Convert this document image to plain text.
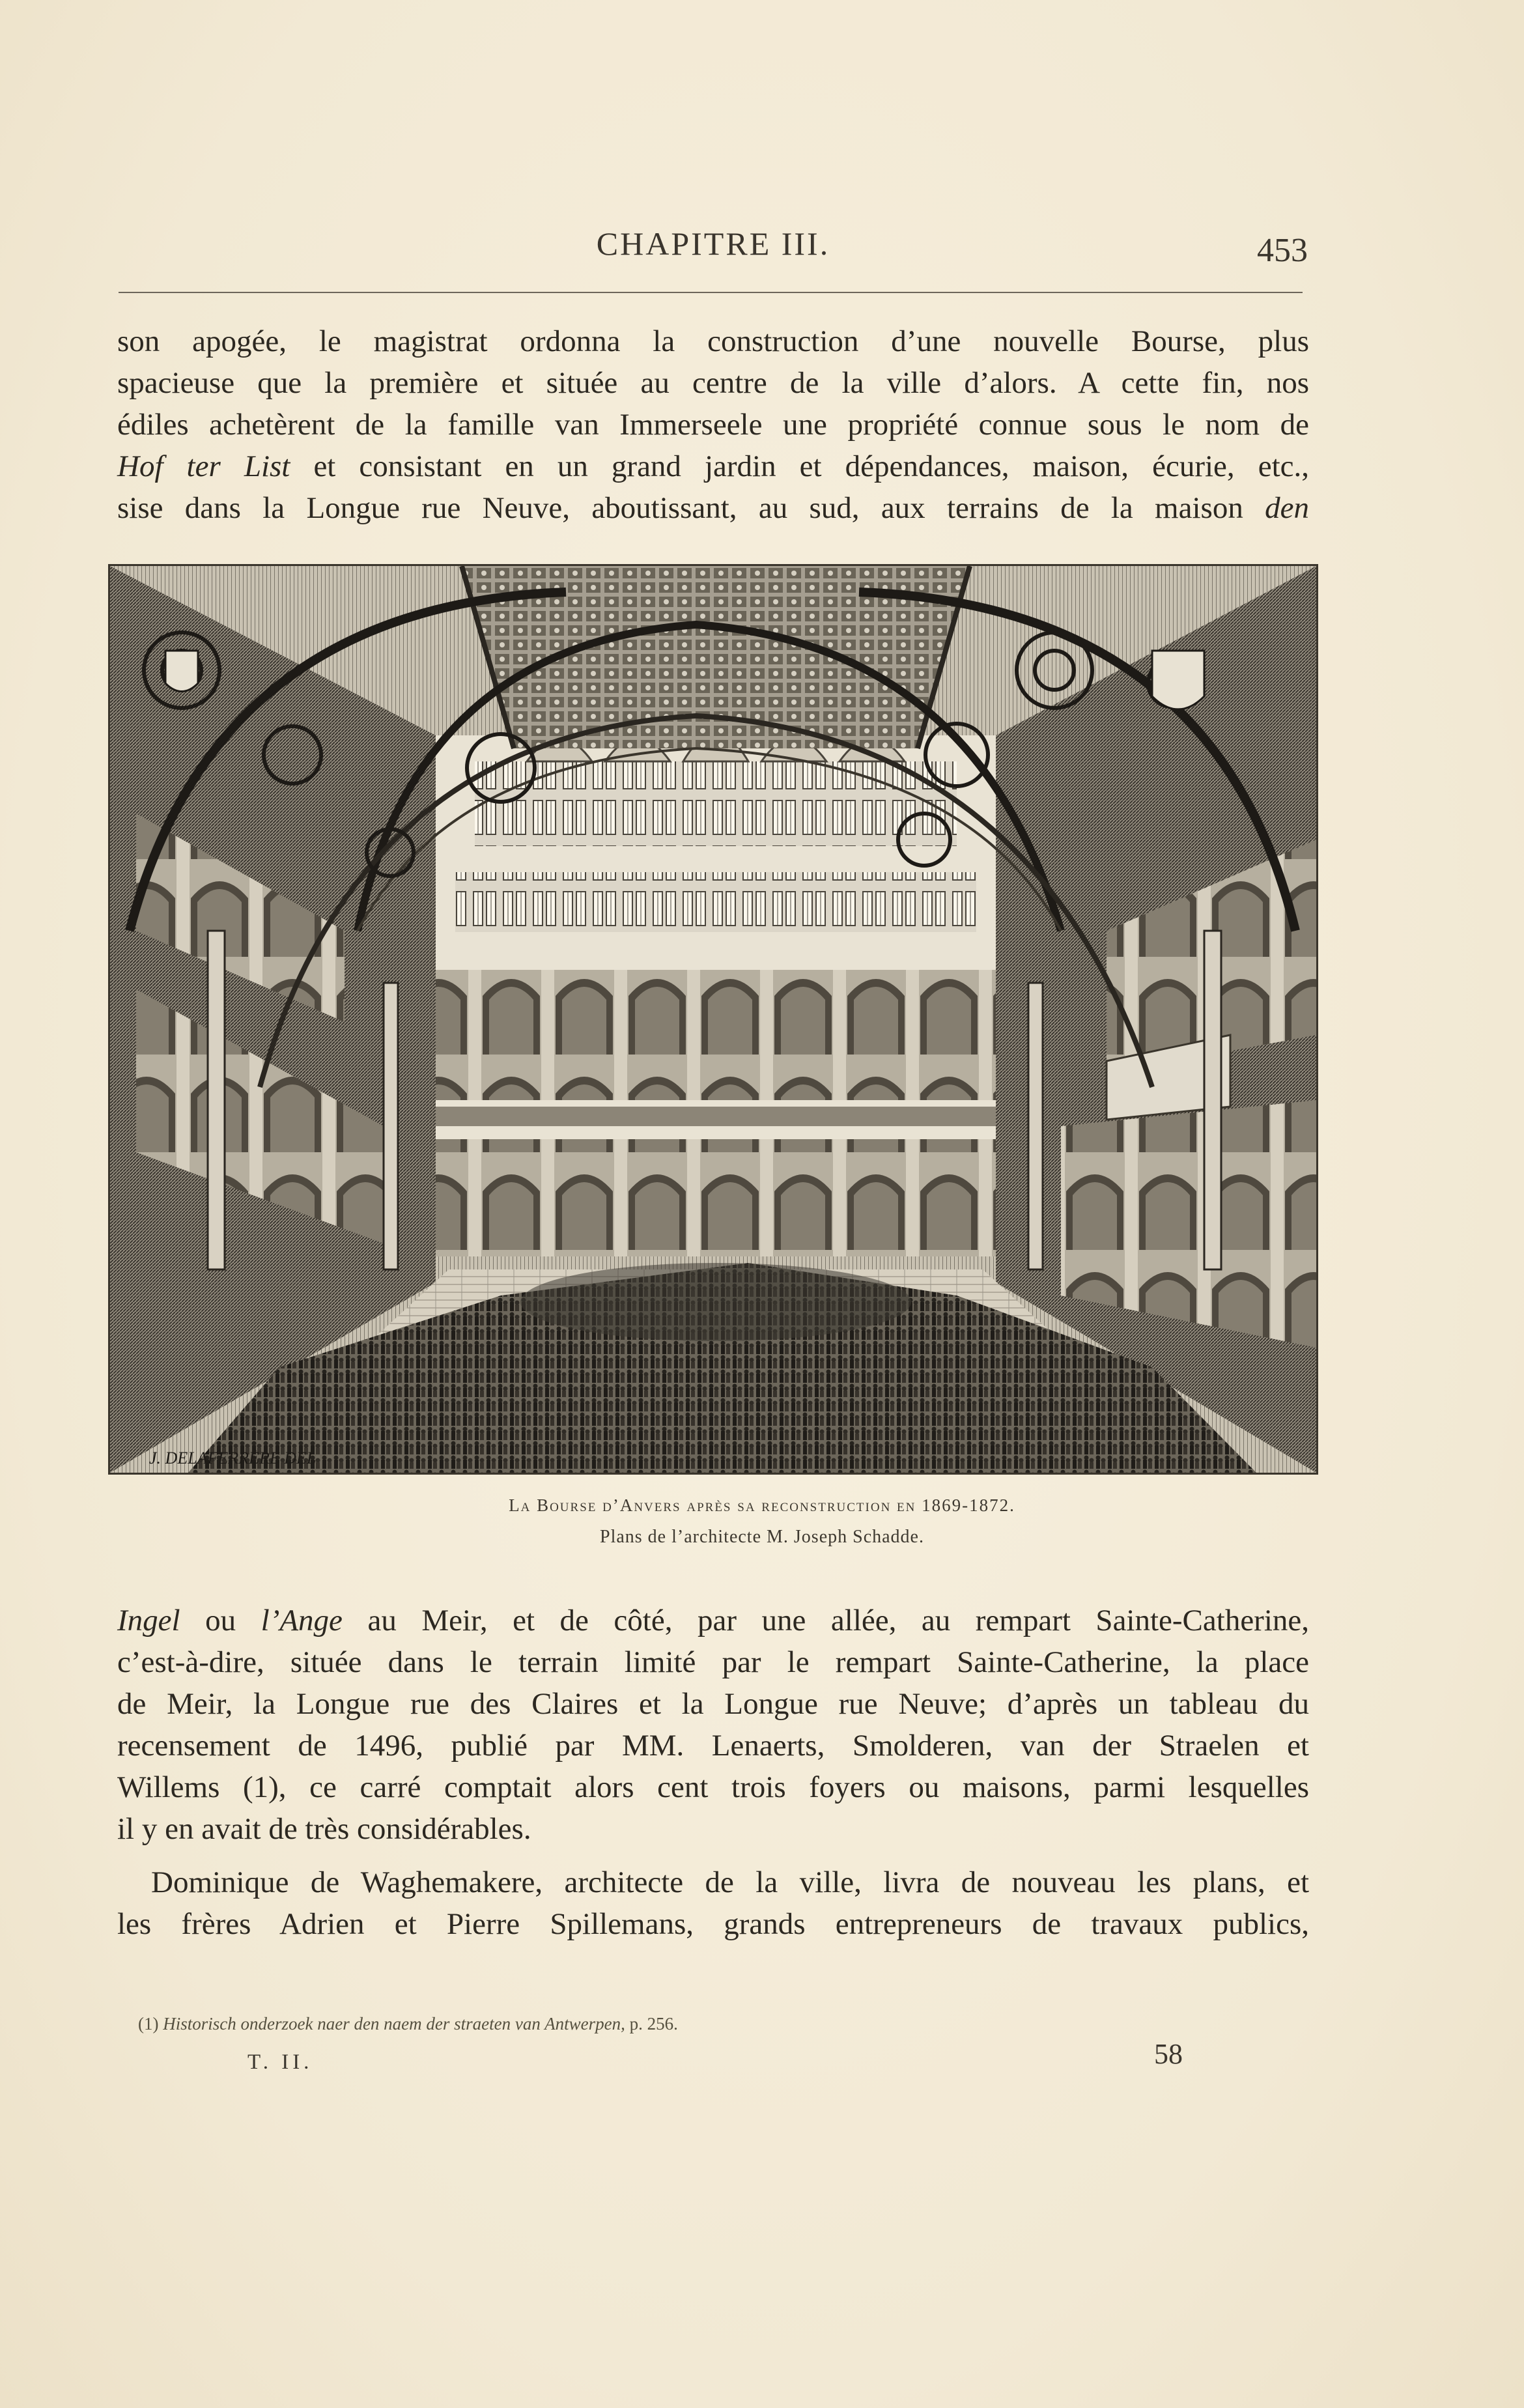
CHAPITRE III.	453
son apogée, le magistrat ordonna la construction d’une nouvelle Bourse, plus
spacieuse que la première et située au centre de la ville d’alors. A cette fin, nos
édiles achetèrent de la famille van Immerseele une propriété connue sous le nom de
Hof ter List et consistant en un grand jardin et dépendances, maison, écurie, etc.,
sise dans la Longue rue Neuve, aboutissant, au sud, aux terrains de la maison den
J. DELAFERRÈRE DEL
La Bourse d’Anvers après sa reconstruction en 1869-1872.
Plans de l’architecte M. Joseph Schadde.
Ingel ou l’Ange au Meir, et de côté, par une allée, au rempart Sainte-Catherine,
c’est-à-dire, située dans le terrain limité par le rempart Sainte-Catherine, la place
de Meir, la Longue rue des Claires et la Longue rue Neuve; d’après un tableau du
recensement de 1496, publié par MM. Lenaerts, Smolderen, van der Straelen et
Willems (1), ce carré comptait alors cent trois foyers ou maisons, parmi lesquelles
il y en avait de très considérables.
Dominique de Waghemakere, architecte de la ville, livra de nouveau les plans, et
les frères Adrien et Pierre Spillemans, grands entrepreneurs de travaux publics,
(1) Historisch onderzoek naer den naem der straeten van Antwerpen, p. 256.
T. II.	58
